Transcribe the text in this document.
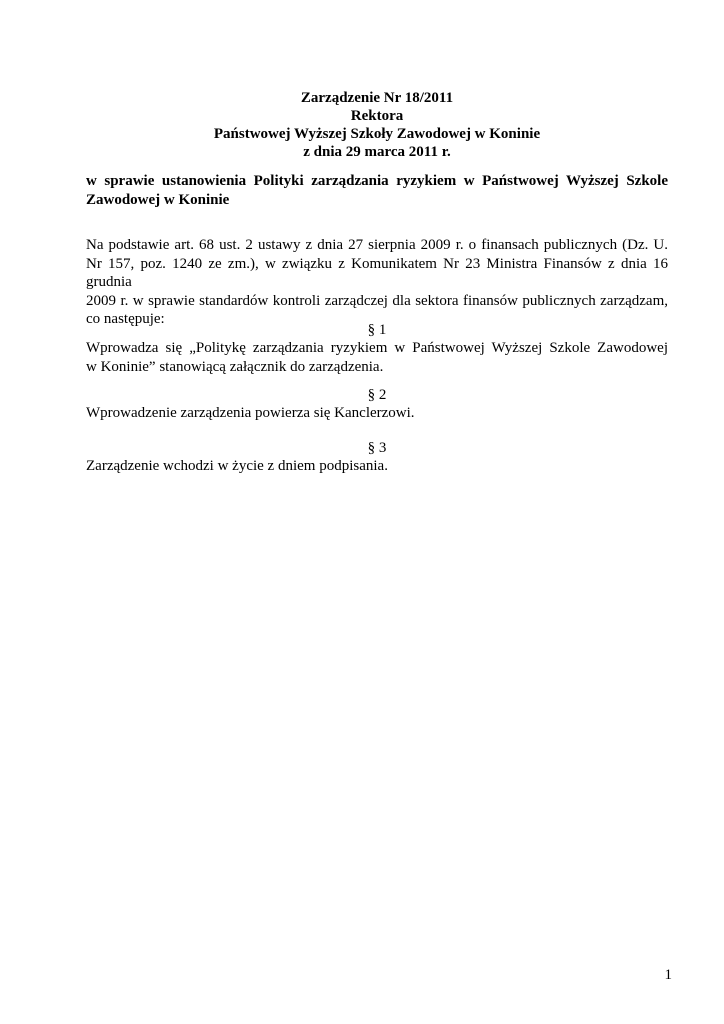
Zarządzenie Nr 18/2011
Rektora
Państwowej Wyższej Szkoły Zawodowej w Koninie
z dnia 29 marca 2011 r.
w sprawie ustanowienia Polityki zarządzania ryzykiem w Państwowej Wyższej Szkole
Zawodowej w Koninie
Na podstawie art. 68 ust. 2 ustawy z dnia 27 sierpnia 2009 r. o finansach publicznych (Dz. U.
Nr 157, poz. 1240 ze zm.), w związku z Komunikatem Nr 23 Ministra Finansów z dnia 16 grudnia
2009 r. w sprawie standardów kontroli zarządczej dla sektora finansów publicznych zarządzam,
co następuje:
§ 1
Wprowadza się „Politykę zarządzania ryzykiem w Państwowej Wyższej Szkole Zawodowej
w Koninie” stanowiącą załącznik do zarządzenia.
§ 2
Wprowadzenie zarządzenia powierza się Kanclerzowi.
§ 3
Zarządzenie wchodzi w życie z dniem podpisania.
1
